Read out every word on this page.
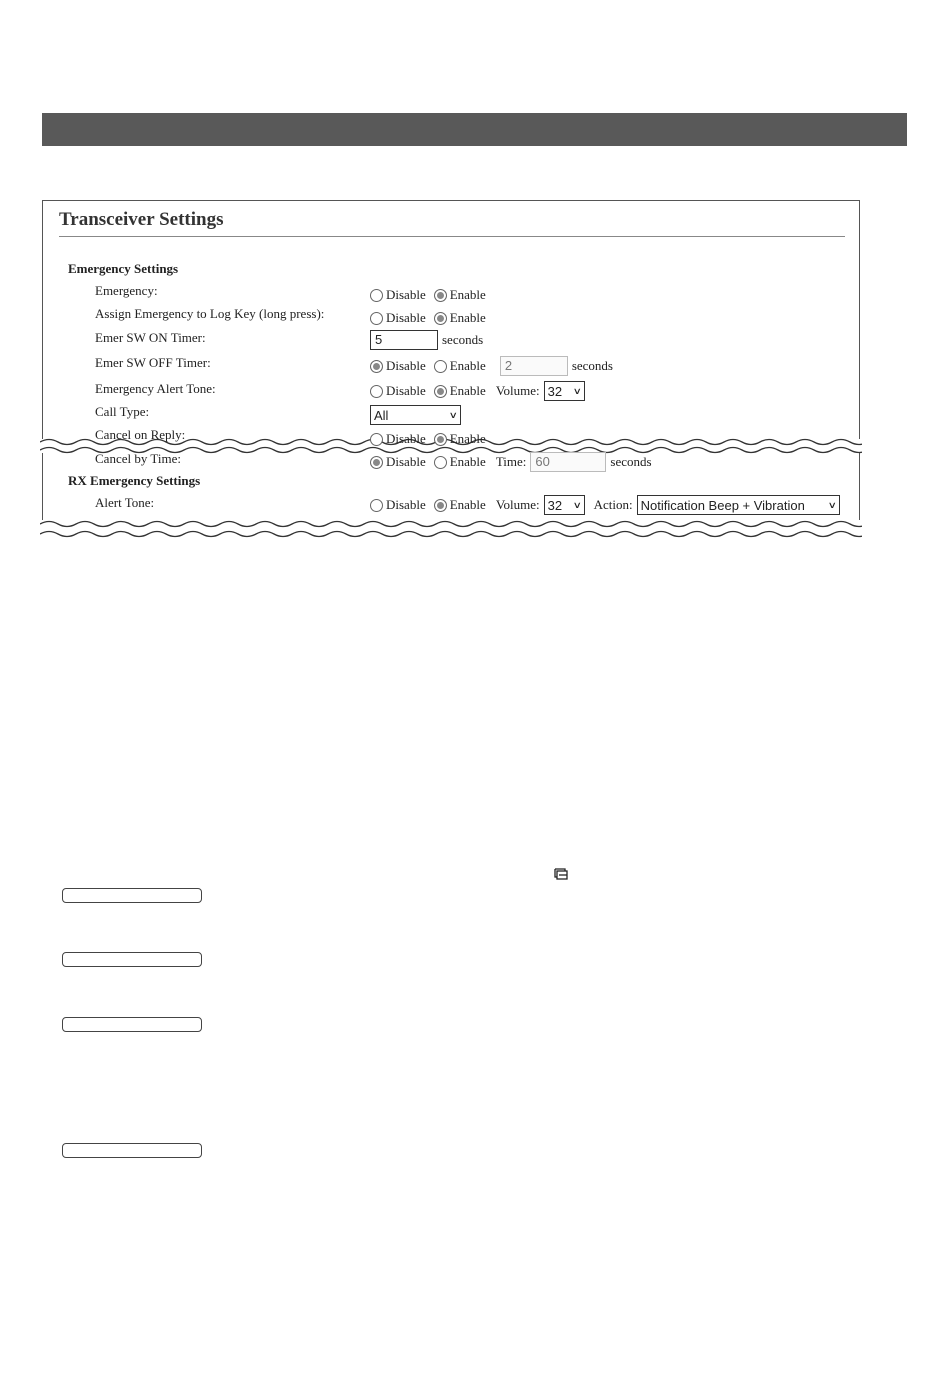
Transceiver Settings
Emergency Settings
Emergency:	Disable Enable
Assign Emergency to Log Key (long press):	Disable Enable
Emer SW ON Timer:	5	seconds
Emer SW OFF Timer:	Disable Enable	2	seconds
Emergency Alert Tone:	Disable Enable Volume: 32 ∨
Call Type:	All	∨
Cancel on Reply:	Disable Enable
Cancel by Time:	Disable Enable Time: 60	seconds
RX Emergency Settings
Alert Tone:	Disable Enable Volume: 32 ∨ Action: Notification Beep + Vibration	∨
